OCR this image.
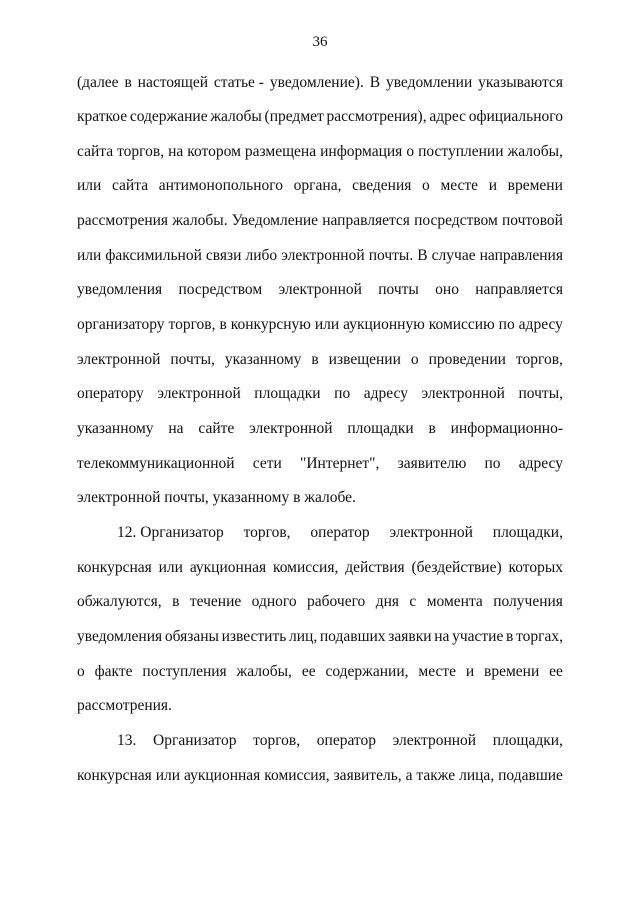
36
(далее в настоящей статье - уведомление). В уведомлении указываются
краткое содержание жалобы (предмет рассмотрения), адрес официального
сайта торгов, на котором размещена информация о поступлении жалобы,
или сайта антимонопольного органа, сведения о месте и времени
рассмотрения жалобы. Уведомление направляется посредством почтовой
или факсимильной связи либо электронной почты. В случае направления
уведомления посредством электронной почты оно направляется
организатору торгов, в конкурсную или аукционную комиссию по адресу
электронной почты, указанному в извещении о проведении торгов,
оператору электронной площадки по адресу электронной почты,
указанному на сайте электронной площадки в информационно-
телекоммуникационной сети "Интернет", заявителю по адресу
электронной почты, указанному в жалобе.
12. Организатор торгов, оператор электронной площадки,
конкурсная или аукционная комиссия, действия (бездействие) которых
обжалуются, в течение одного рабочего дня с момента получения
уведомления обязаны известить лиц, подавших заявки на участие в торгах,
о факте поступления жалобы, ее содержании, месте и времени ее
рассмотрения.
13. Организатор торгов, оператор электронной площадки,
конкурсная или аукционная комиссия, заявитель, а также лица, подавшие
